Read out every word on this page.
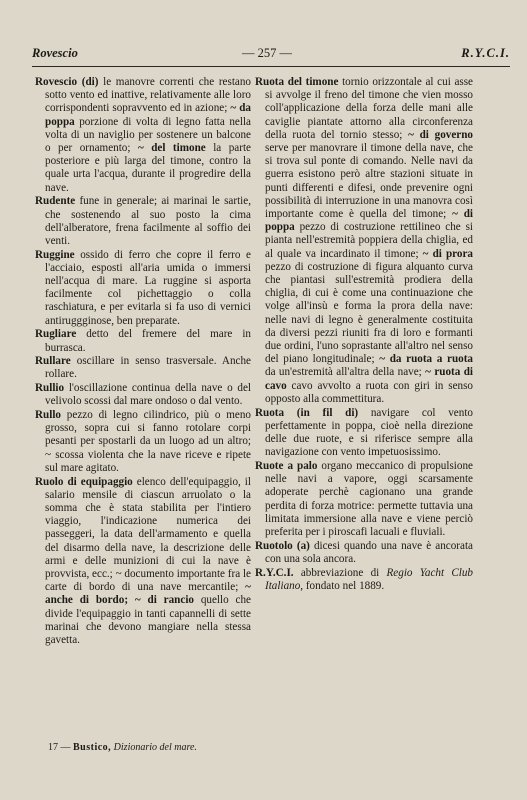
Rovescio	— 257 —	R.Y.C.I.

Rovescio (di) le manovre correnti che restano sotto vento ed inattive, relativamente alle loro corrispondenti sopravvento ed in azione; ~ da poppa porzione di volta di legno fatta nella volta di un naviglio per sostenere un balcone o per ornamento; ~ del timone la parte posteriore e più larga del timone, contro la quale urta l'acqua, durante il progredire della nave.

Rudente fune in generale; ai marinai le sartie, che sostenendo al suo posto la cima dell'alberatore, frena facilmente al soffio dei venti.

Ruggine ossido di ferro che copre il ferro e l'acciaio, esposti all'aria umida o immersi nell'acqua di mare. La ruggine si asporta facilmente col pichettaggio o colla raschiatura, e per evitarla si fa uso di vernici antiruggginose, ben preparate.

Rugliare detto del fremere del mare in burrasca.

Rullare oscillare in senso trasversale. Anche rollare.

Rullio l'oscillazione continua della nave o del velivolo scossi dal mare ondoso o dal vento.

Rullo pezzo di legno cilindrico, più o meno grosso, sopra cui si fanno rotolare corpi pesanti per spostarli da un luogo ad un altro; ~ scossa violenta che la nave riceve e ripete sul mare agitato.

Ruolo di equipaggio elenco dell'equipaggio, il salario mensile di ciascun arruolato o la somma che è stata stabilita per l'intiero viaggio, l'indicazione numerica dei passeggeri, la data dell'armamento e quella del disarmo della nave, la descrizione delle armi e delle munizioni di cui la nave è provvista, ecc.; ~ documento importante fra le carte di bordo di una nave mercantile; ~ anche di bordo; ~ di rancio quello che divide l'equipaggio in tanti capannelli di sette marinai che devono mangiare nella stessa gavetta.

Ruota del timone tornio orizzontale al cui asse si avvolge il freno del timone che vien mosso coll'applicazione della forza delle mani alle caviglie piantate attorno alla circonferenza della ruota del tornio stesso; ~ di governo serve per manovrare il timone della nave, che si trova sul ponte di comando. Nelle navi da guerra esistono però altre stazioni situate in punti differenti e difesi, onde prevenire ogni possibilità di interruzione in una manovra così importante come è quella del timone; ~ di poppa pezzo di costruzione rettilineo che si pianta nell'estremità poppiera della chiglia, ed al quale va incardinato il timone; ~ di prora pezzo di costruzione di figura alquanto curva che piantasi sull'estremità prodiera della chiglia, di cui è come una continuazione che volge all'insù e forma la prora della nave: nelle navi di legno è generalmente costituita da diversi pezzi riuniti fra di loro e formanti due ordini, l'uno soprastante all'altro nel senso del piano longitudinale; ~ da ruota a ruota da un'estremità all'altra della nave; ~ ruota di cavo cavo avvolto a ruota con giri in senso opposto alla commettitura.

Ruota (in fil di) navigare col vento perfettamente in poppa, cioè nella direzione delle due ruote, e si riferisce sempre alla navigazione con vento impetuosissimo.

Ruote a palo organo meccanico di propulsione nelle navi a vapore, oggi scarsamente adoperate perchè cagionano una grande perdita di forza motrice: permette tuttavia una limitata immersione alla nave e viene perciò preferita per i piroscafi lacuali e fluviali.

Ruotolo (a) dicesi quando una nave è ancorata con una sola ancora.

R.Y.C.I. abbreviazione di Regio Yacht Club Italiano, fondato nel 1889.

17 — Bustico, Dizionario del mare.
